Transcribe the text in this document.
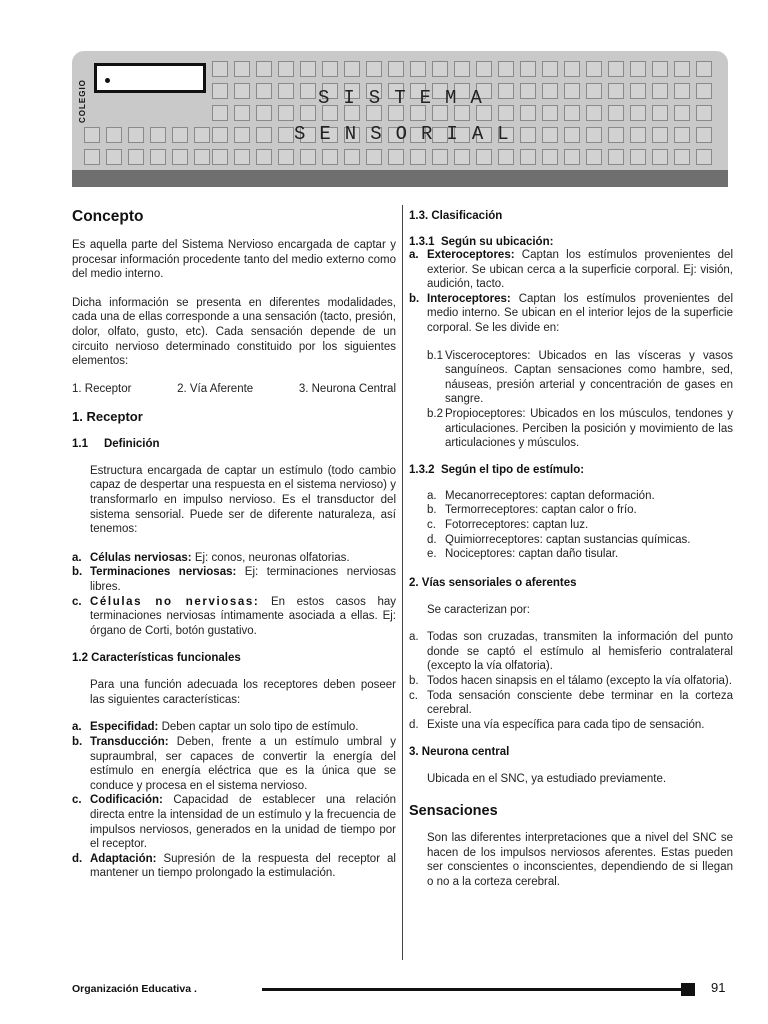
COLEGIO	SISTEMA
SENSORIAL

Concepto

Es aquella parte del Sistema Nervioso encargada de captar y procesar información procedente tanto del medio externo como del medio interno.

Dicha información se presenta en diferentes modalidades, cada una de ellas corresponde a una sensación (tacto, presión, dolor, olfato, gusto, etc). Cada sensación depende de un circuito nervioso determinado constituido por los siguientes elementos:

1. Receptor	2. Vía Aferente	3. Neurona Central

1. Receptor

1.1     Definición

Estructura encargada de captar un estímulo (todo cambio capaz de despertar una respuesta en el sistema nervioso) y transformarlo en impulso nervioso. Es el transductor del sistema sensorial. Puede ser de diferente naturaleza, así tenemos:

a. Células nerviosas: Ej: conos, neuronas olfatorias.
b. Terminaciones nerviosas: Ej: terminaciones nerviosas libres.
c. Células no nerviosas: En estos casos hay terminaciones nerviosas íntimamente asociada a ellas. Ej: órgano de Corti, botón gustativo.

1.2 Características funcionales

Para una función adecuada los receptores deben poseer las siguientes características:

a. Especifidad: Deben captar un solo tipo de estímulo.
b. Transducción: Deben, frente a un estímulo umbral y supraumbral, ser capaces de convertir la energía del estímulo en energía eléctrica que es la única que se conduce y procesa en el sistema nervioso.
c. Codificación: Capacidad de establecer una relación directa entre la intensidad de un estímulo y la frecuencia de impulsos nerviosos, generados en la unidad de tiempo por el receptor.
d. Adaptación: Supresión de la respuesta del receptor al mantener un tiempo prolongado la estimulación.

1.3. Clasificación

1.3.1  Según su ubicación:

a. Exteroceptores: Captan los estímulos provenientes del exterior. Se ubican cerca a la superficie corporal. Ej: visión, audición, tacto.
b. Interoceptores: Captan los estímulos provenientes del medio interno. Se ubican en el interior lejos de la superficie corporal. Se les divide en:
b.1 Visceroceptores: Ubicados en las vísceras y vasos sanguíneos. Captan sensaciones como hambre, sed, náuseas, presión arterial y concentración de gases en sangre.
b.2 Propioceptores: Ubicados en los músculos, tendones y articulaciones. Perciben la posición y movimiento de las articulaciones y músculos.

1.3.2  Según el tipo de estímulo:

a. Mecanorreceptores: captan deformación.
b. Termorreceptores: captan calor o frío.
c. Fotorreceptores: captan luz.
d. Quimiorreceptores: captan sustancias químicas.
e. Nociceptores: captan daño tisular.

2. Vías sensoriales o aferentes

Se caracterizan por:

a. Todas son cruzadas, transmiten la información del punto donde se captó el estímulo al hemisferio contralateral (excepto la vía olfatoria).
b. Todos hacen sinapsis en el tálamo (excepto la vía olfatoria).
c. Toda sensación consciente debe terminar en la corteza cerebral.
d. Existe una vía específica para cada tipo de sensación.

3. Neurona central

Ubicada en el SNC, ya estudiado previamente.

Sensaciones

Son las diferentes interpretaciones que a nivel del SNC se hacen de los impulsos nerviosos aferentes. Estas pueden ser conscientes o inconscientes, dependiendo de si llegan o no a la corteza cerebral.

Organización Educativa .	91
